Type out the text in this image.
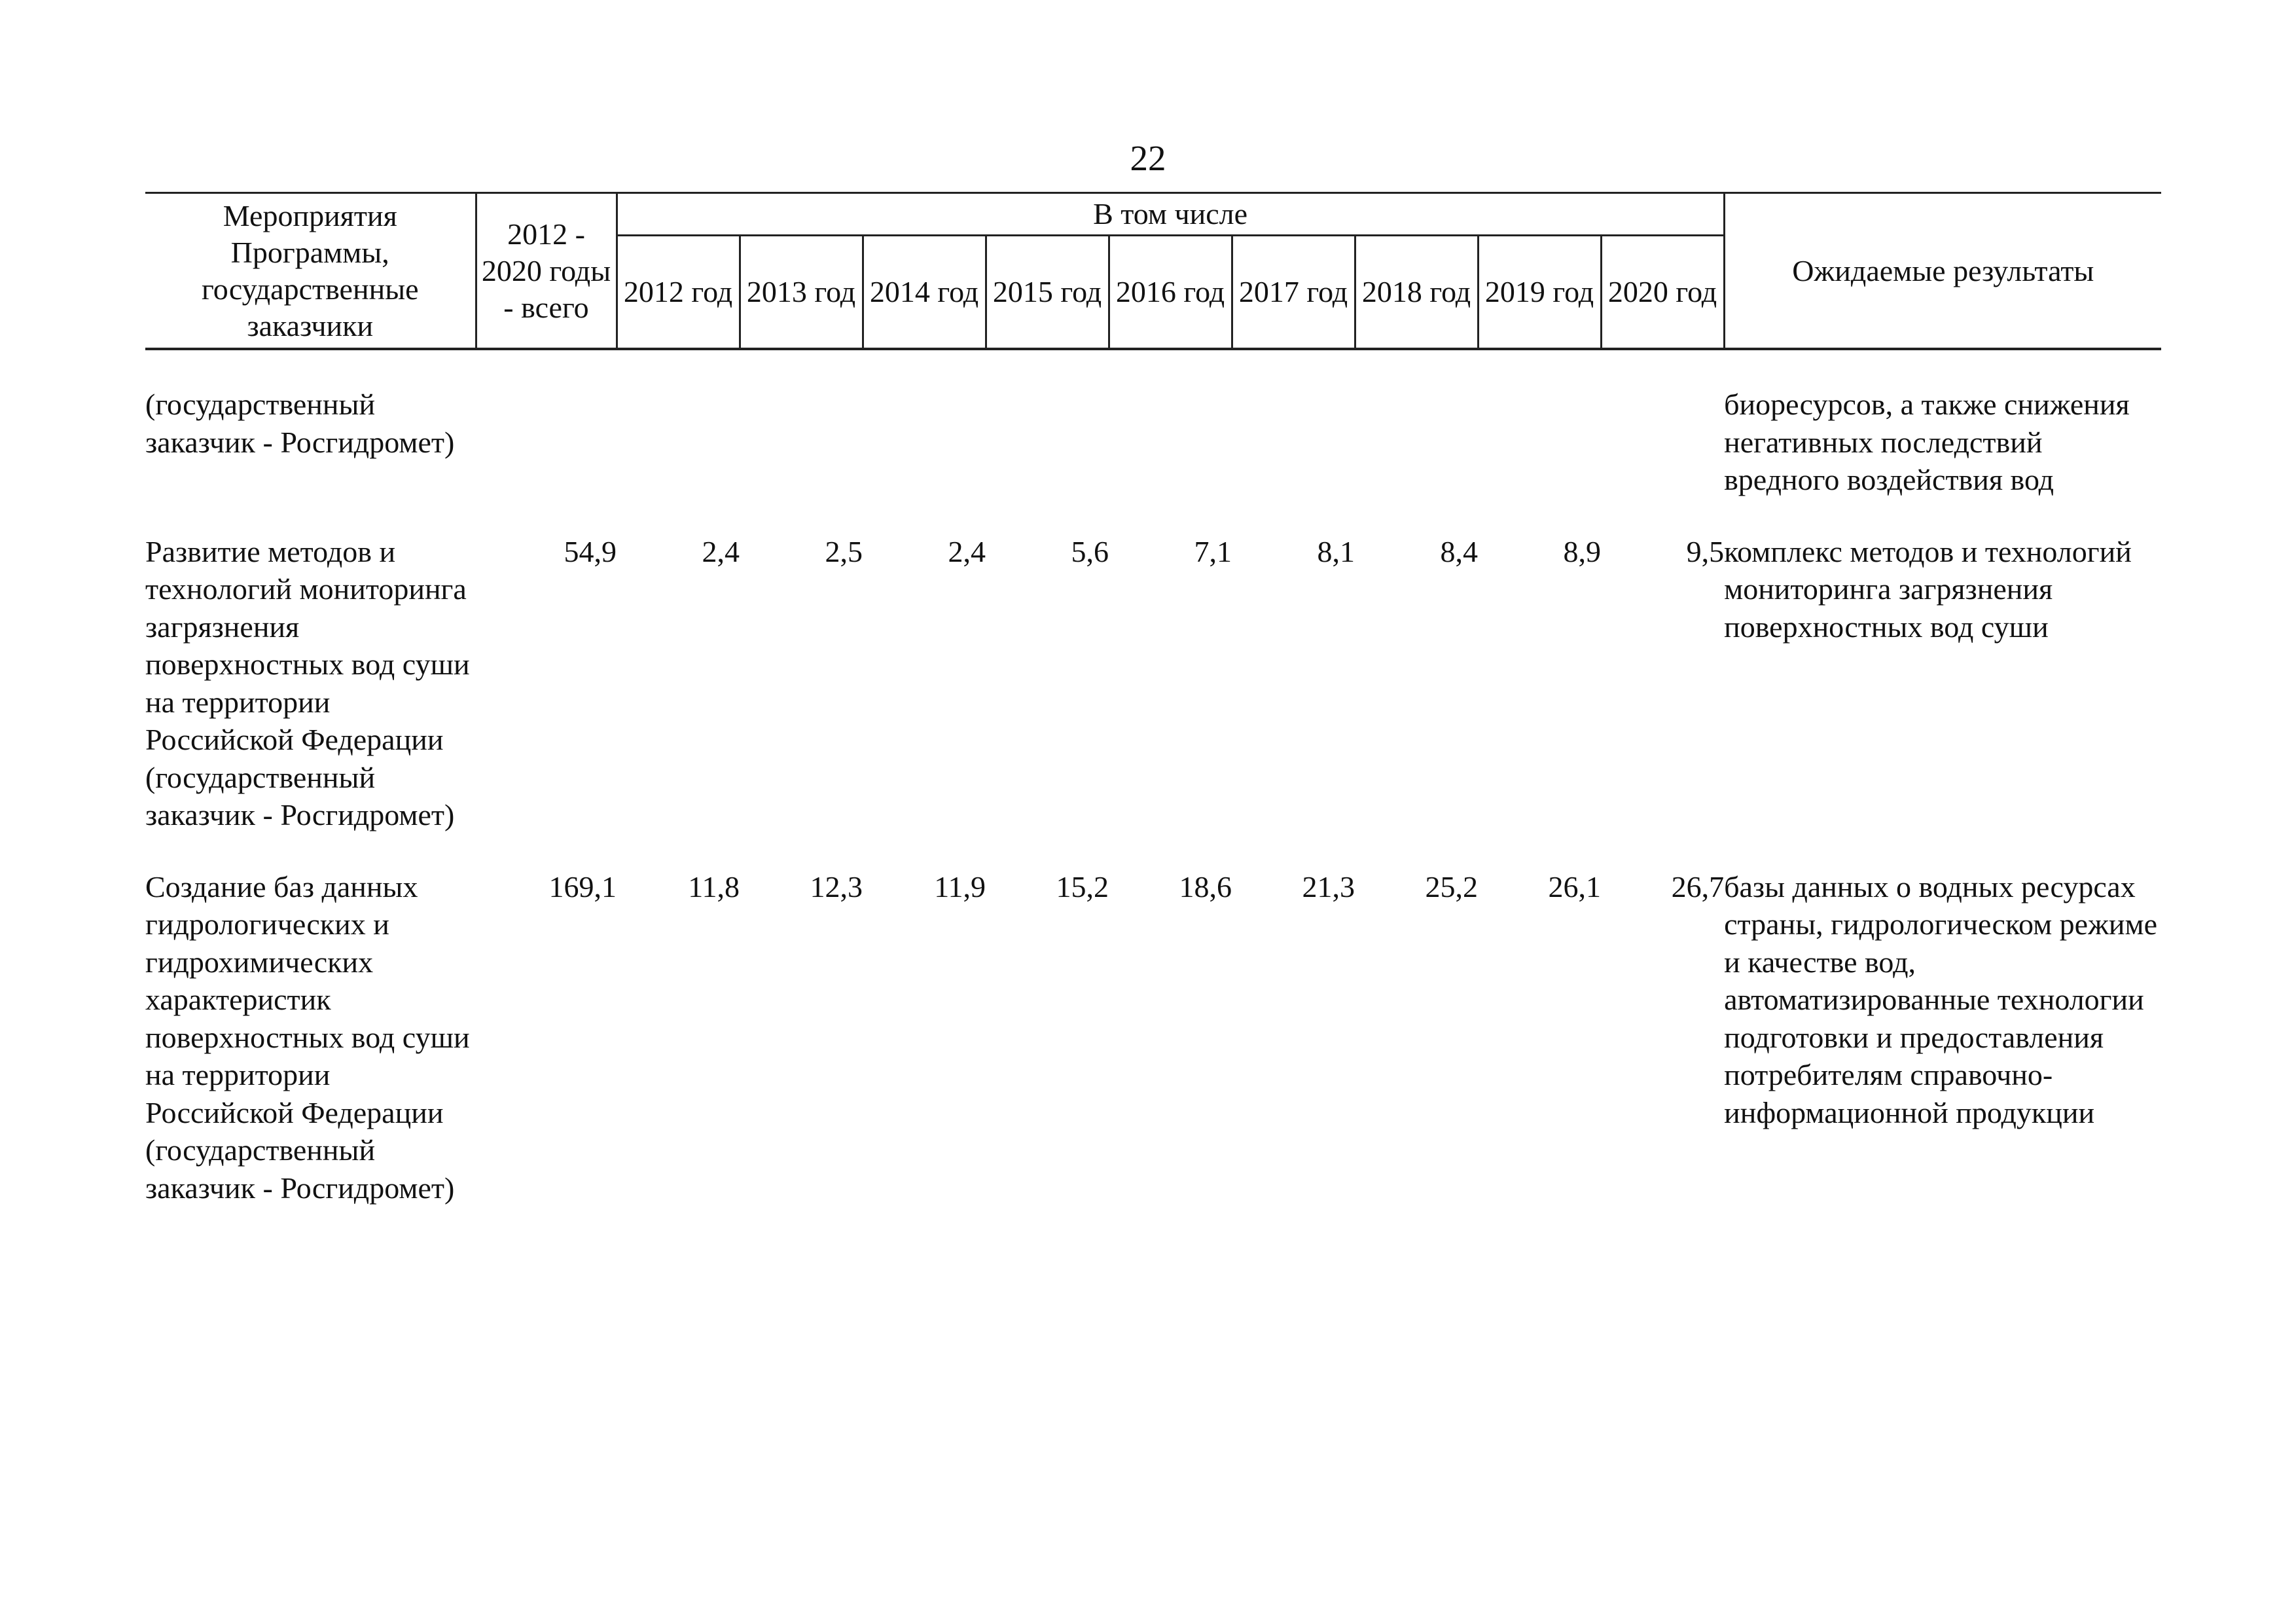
22
Мероприятия Программы, государственные заказчики	2012 - 2020 годы - всего	В том числе									Ожидаемые результаты
		2012 год	2013 год	2014 год	2015 год	2016 год	2017 год	2018 год	2019 год	2020 год	

(государственный заказчик - Росгидромет)											биоресурсов, а также снижения негативных последствий вредного воздействия вод

Развитие методов и технологий мониторинга загрязнения поверхностных вод суши на территории Российской Федерации (государственный заказчик - Росгидромет)	54,9	2,4	2,5	2,4	5,6	7,1	8,1	8,4	8,9	9,5	комплекс методов и технологий мониторинга загрязнения поверхностных вод суши

Создание баз данных гидрологических и гидрохимических характеристик поверхностных вод суши на территории Российской Федерации (государственный заказчик - Росгидромет)	169,1	11,8	12,3	11,9	15,2	18,6	21,3	25,2	26,1	26,7	базы данных о водных ресурсах страны, гидрологическом режиме и качестве вод, автоматизированные технологии подготовки и предоставления потребителям справочно-информационной продукции
